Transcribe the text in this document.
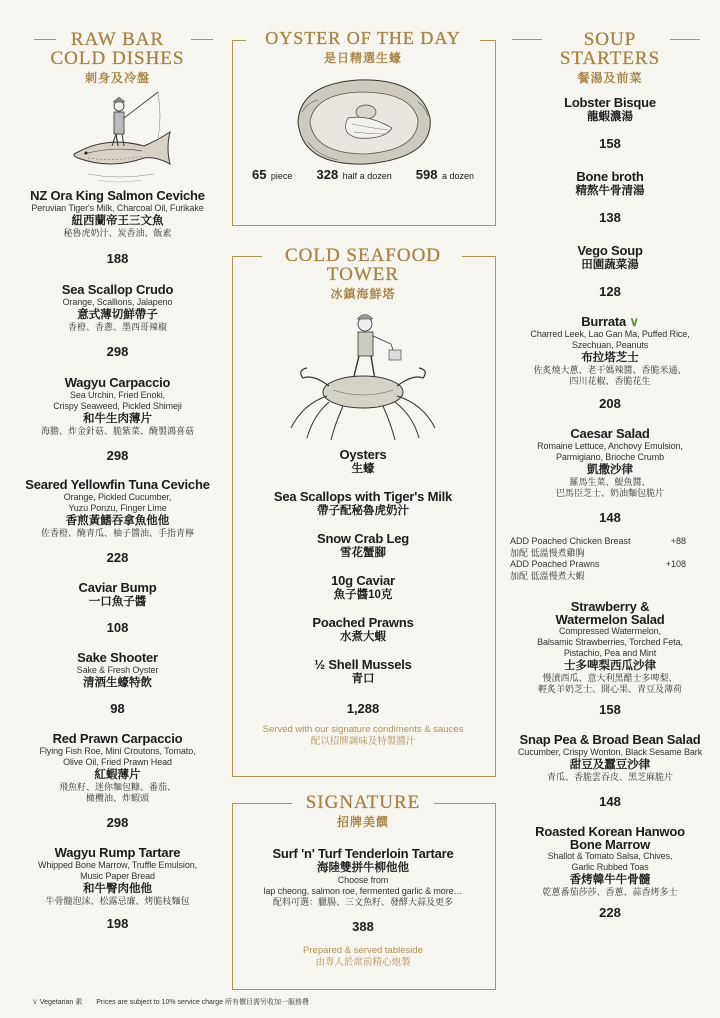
RAW BAR
COLD DISHES
刺身及冷盤
NZ Ora King Salmon Ceviche
Peruvian Tiger's Milk, Charcoal Oil, Furikake
紐西蘭帝王三文魚
秘魯虎奶汁、炭香油、飯素
188
Sea Scallop Crudo
Orange, Scallions, Jalapeno
意式薄切鮮帶子
香橙、香蔥、墨西哥辣椒
298
Wagyu Carpaccio
Sea Urchin, Fried Enoki,
Crispy Seaweed, Pickled Shimeji
和牛生肉薄片
海膽、炸金針菇、脆紫菜、醃製鴻喜菇
298
Seared Yellowfin Tuna Ceviche
Orange, Pickled Cucumber,
Yuzu Ponzu, Finger Lime
香煎黃鰭吞拿魚他他
佐香橙、醃青瓜、柚子醬油、手指青檸
228
Caviar Bump
一口魚子醬
108
Sake Shooter
Sake & Fresh Oyster
清酒生蠔特飲
98
Red Prawn Carpaccio
Flying Fish Roe, Mini Croutons, Tomato,
Olive Oil, Fried Prawn Head
紅蝦薄片
飛魚籽、迷你麵包糠、番茄、
橄欖油、炸蝦頭
298
Wagyu Rump Tartare
Whipped Bone Marrow, Truffle Emulsion,
Music Paper Bread
和牛臀肉他他
牛骨髓泡沫、松露忌廉、烤脆枝麵包
198
OYSTER OF THE DAY
是日精選生蠔
65 piece 328 half a dozen 598 a dozen
COLD SEAFOOD
TOWER
冰鎮海鮮塔
Oysters
生蠔
Sea Scallops with Tiger's Milk
帶子配秘魯虎奶汁
Snow Crab Leg
雪花蟹腳
10g Caviar
魚子醬10克
Poached Prawns
水煮大蝦
½ Shell Mussels
青口
1,288
Served with our signature condiments & sauces
配以招牌調味及特製醬汁
SIGNATURE
招牌美饌
Surf 'n' Turf Tenderloin Tartare
海陸雙拼牛柳他他
Choose from
lap cheong, salmon roe, fermented garlic & more…
配料可選：臘腸、三文魚籽、發酵大蒜及更多
388
Prepared & served tableside
由專人於席前精心炮製
SOUP
STARTERS
餐湯及前菜
Lobster Bisque
龍蝦濃湯
158
Bone broth
精熬牛骨清湯
138
Vego Soup
田園蔬菜湯
128
Burrata ∨
Charred Leek, Lao Gan Ma, Puffed Rice,
Szechuan, Peanuts
布拉塔芝士
佐炙燒大蔥、老干媽辣醬、香脆米通、
四川花椒、香脆花生
208
Caesar Salad
Romaine Lettuce, Anchovy Emulsion,
Parmigiano, Brioche Crumb
凱撒沙律
羅馬生菜、鯷魚醬、
巴馬臣芝士、奶油麵包脆片
148
ADD Poached Chicken Breast	+88
加配 低溫慢煮雞胸
ADD Poached Prawns	+108
加配 低溫慢煮大蝦
Strawberry &
Watermelon Salad
Compressed Watermelon,
Balsamic Strawberries, Torched Feta,
Pistachio, Pea and Mint
士多啤梨西瓜沙律
慢漬西瓜、意大利黑醋士多啤梨、
輕炙羊奶芝士、開心果、青豆及薄荷
158
Snap Pea & Broad Bean Salad
Cucumber, Crispy Wonton, Black Sesame Bark
甜豆及蠶豆沙律
青瓜、香脆雲吞皮、黑芝麻脆片
148
Roasted Korean Hanwoo
Bone Marrow
Shallot & Tomato Salsa, Chives,
Garlic Rubbed Toas
香烤韓牛牛骨髓
乾蔥番茄莎莎、香蔥、蒜香烤多士
228
∨ Vegetarian 素 Prices are subject to 10% service charge 所有價目需另收加一服務費
